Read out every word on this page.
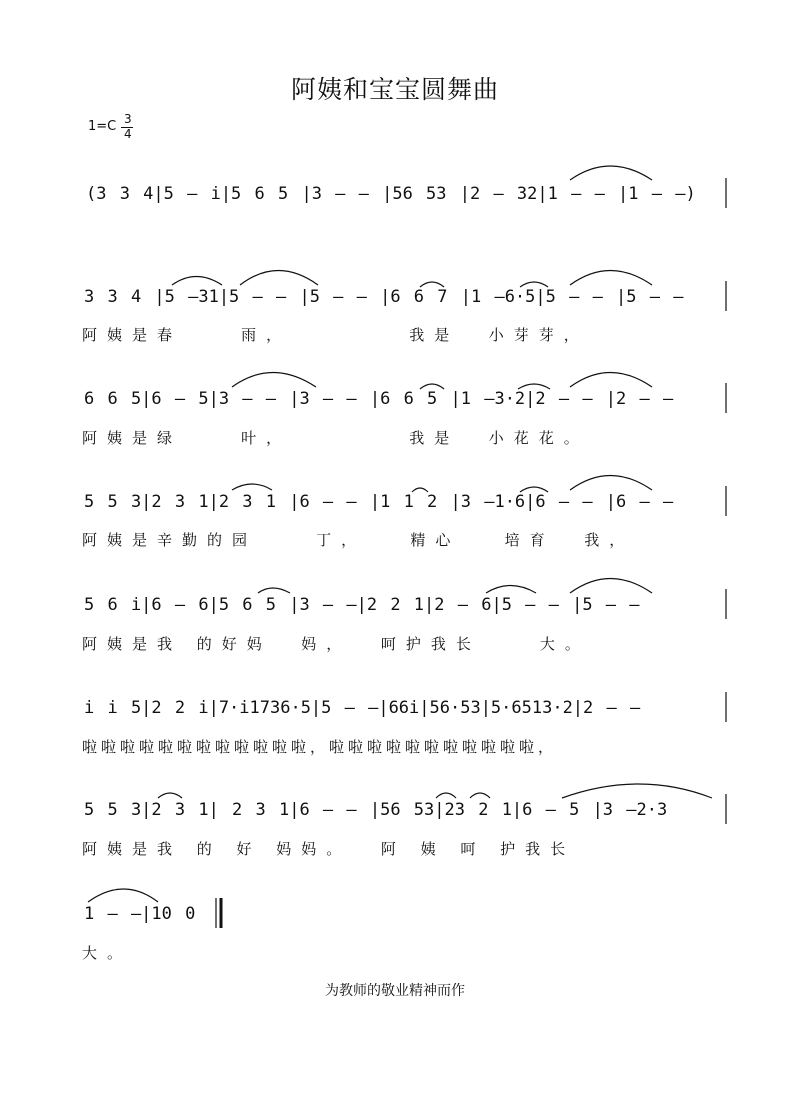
阿姨和宝宝圆舞曲
1=C 3
4
(3 3 4|5 – i|5 6 5 |3 – – |56 53 |2 – 32|1 – – |1 – –)
3 3 4 |5 –31|5 – – |5 – – |6 6 7 |1 –6·5|5 – – |5 – –
阿姨是春    雨，        我是  小芽芽，
6 6 5|6 – 5|3 – – |3 – – |6 6 5 |1 –3·2|2 – – |2 – –
阿姨是绿    叶，        我是  小花花。
5 5 3|2 3 1|2 3 1 |6 – – |1 1 2 |3 –1·6|6 – – |6 – –
阿姨是辛勤的园    丁，   精心   培育  我，
5 6 i|6 – 6|5 6 5 |3 – –|2 2 1|2 – 6|5 – – |5 – –
阿姨是我 的好妈  妈，  呵护我长    大。
i i 5|2 2 i|7·i1736·5|5 – –|66i|56·53|5·6513·2|2 – –
啦啦啦啦啦啦啦啦啦啦啦啦，啦啦啦啦啦啦啦啦啦啦啦，
5 5 3|2 3 1| 2 3 1|6 – – |56 53|23 2 1|6 – 5 |3 –2·3
阿姨是我 的 好 妈妈。  阿 姨 呵 护我长
1 – –|10 0
大。
为教师的敬业精神而作
